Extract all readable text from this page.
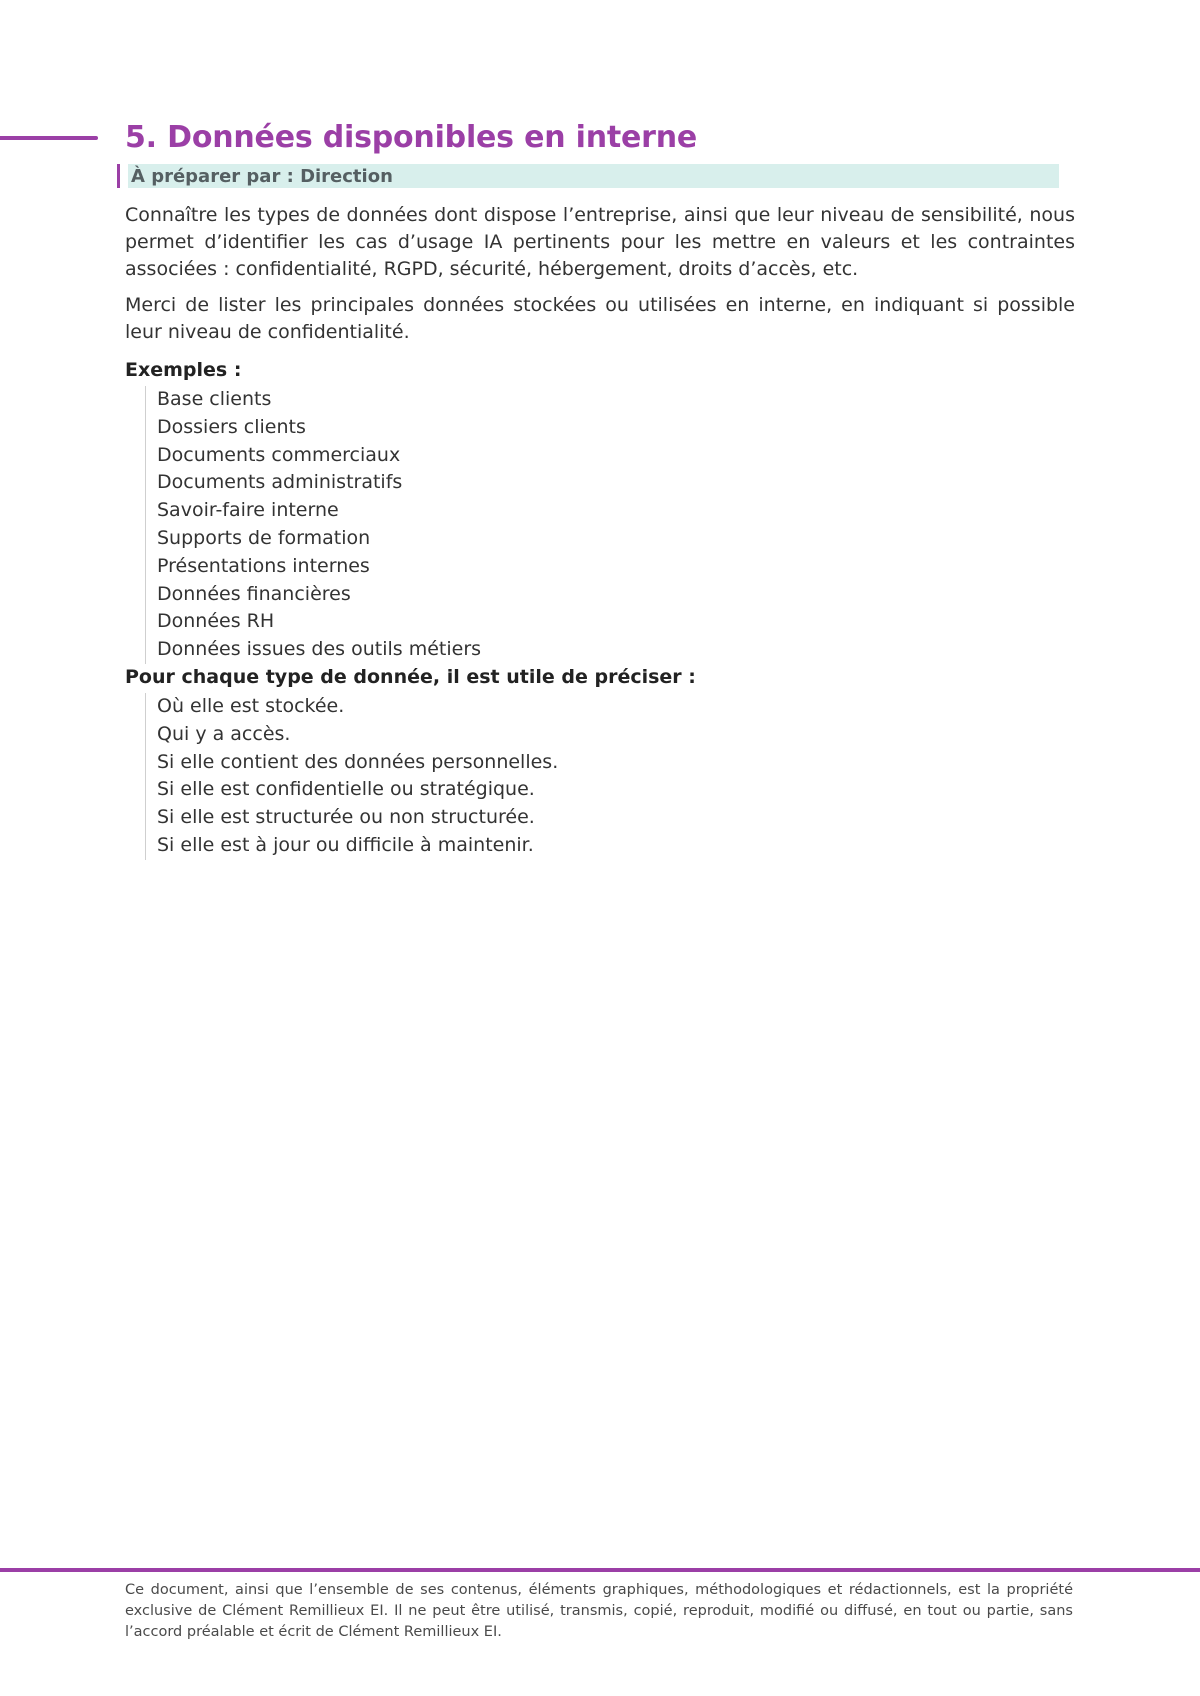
5. Données disponibles en interne
À préparer par : Direction

Connaître les types de données dont dispose l’entreprise, ainsi que leur niveau de sensibilité, nous permet d’identifier les cas d’usage IA pertinents pour les mettre en valeurs et les contraintes associées : confidentialité, RGPD, sécurité, hébergement, droits d’accès, etc.

Merci de lister les principales données stockées ou utilisées en interne, en indiquant si possible leur niveau de confidentialité.

Exemples :

Base clients
Dossiers clients
Documents commerciaux
Documents administratifs
Savoir-faire interne
Supports de formation
Présentations internes
Données financières
Données RH
Données issues des outils métiers

Pour chaque type de donnée, il est utile de préciser :

Où elle est stockée.
Qui y a accès.
Si elle contient des données personnelles.
Si elle est confidentielle ou stratégique.
Si elle est structurée ou non structurée.
Si elle est à jour ou difficile à maintenir.

Ce document, ainsi que l’ensemble de ses contenus, éléments graphiques, méthodologiques et rédactionnels, est la propriété exclusive de Clément Remillieux EI. Il ne peut être utilisé, transmis, copié, reproduit, modifié ou diffusé, en tout ou partie, sans l’accord préalable et écrit de Clément Remillieux EI.
